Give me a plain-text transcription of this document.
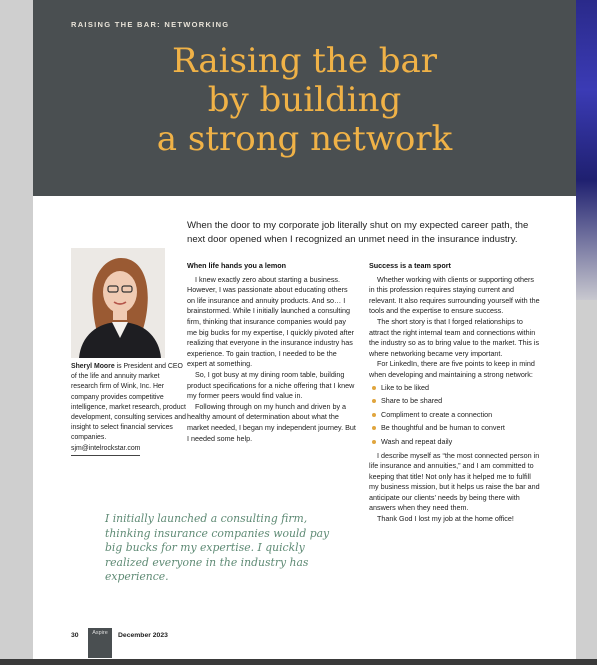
RAISING THE BAR: NETWORKING
Raising the bar
by building
a strong network
When the door to my corporate job literally shut on my expected career path, the next door opened when I recognized an unmet need in the insurance industry.
Sheryl Moore is President and CEO of the life and annuity market research firm of Wink, Inc. Her company provides competitive intelligence, market research, product development, consulting services and insight to select financial services companies.
sjm@intelrockstar.com
When life hands you a lemon

I knew exactly zero about starting a business. However, I was passionate about educating others on life insurance and annuity products. And so… I brainstormed. While I initially launched a consulting firm, thinking that insurance companies would pay me big bucks for my expertise, I quickly pivoted after realizing that everyone in the insurance industry has experience. To gain traction, I needed to be the expert at something.

So, I got busy at my dining room table, building product specifications for a niche offering that I knew my former peers would find value in.

Following through on my hunch and driven by a healthy amount of determination about what the market needed, I began my independent journey. But I needed some help.

Success is a team sport

Whether working with clients or supporting others in this profession requires staying current and relevant. It also requires surrounding yourself with the tools and the expertise to ensure success.

The short story is that I forged relationships to attract the right internal team and connections within the industry so as to bring value to the market. This is where networking became very important.

For LinkedIn, there are five points to keep in mind when developing and maintaining a strong network:

Like to be liked
Share to be shared
Compliment to create a connection
Be thoughtful and be human to convert
Wash and repeat daily

I describe myself as “the most connected person in life insurance and annuities,” and I am committed to keeping that title! Not only has it helped me to fulfill my business mission, but it helps us raise the bar and anticipate our clients’ needs by being there with answers when they need them.

Thank God I lost my job at the home office!

I initially launched a consulting firm, thinking insurance companies would pay big bucks for my expertise. I quickly realized everyone in the industry has experience.
30	Aspire	December 2023
